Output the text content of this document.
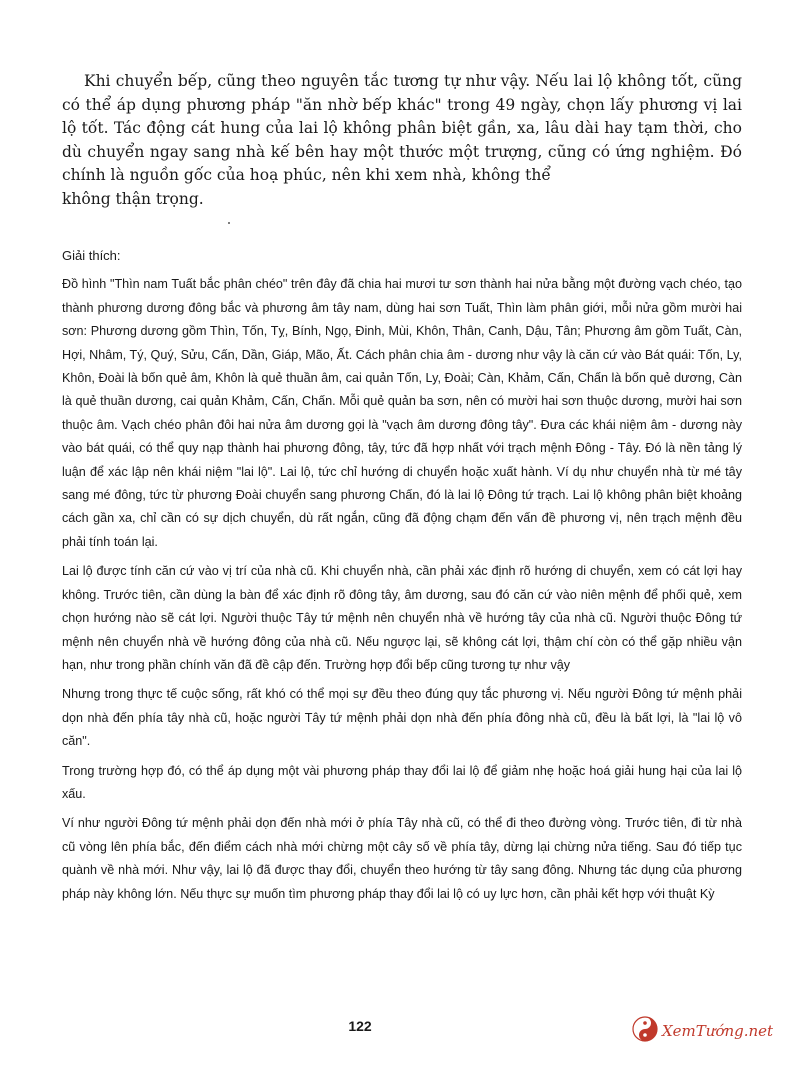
Khi chuyển bếp, cũng theo nguyên tắc tương tự như vậy. Nếu lai lộ không tốt, cũng có thể áp dụng phương pháp "ăn nhờ bếp khác" trong 49 ngày, chọn lấy phương vị lai lộ tốt. Tác động cát hung của lai lộ không phân biệt gần, xa, lâu dài hay tạm thời, cho dù chuyển ngay sang nhà kế bên hay một thước một trượng, cũng có ứng nghiệm. Đó chính là nguồn gốc của hoạ phúc, nên khi xem nhà, không thể

không thận trọng.

Giải thích:

Đồ hình "Thìn nam Tuất bắc phân chéo" trên đây đã chia hai mươi tư sơn thành hai nửa bằng một đường vạch chéo, tạo thành phương dương đông bắc và phương âm tây nam, dùng hai sơn Tuất, Thìn làm phân giới, mỗi nửa gồm mười hai sơn: Phương dương gồm Thìn, Tốn, Tỵ, Bính, Ngọ, Đinh, Mùi, Khôn, Thân, Canh, Dậu, Tân; Phương âm gồm Tuất, Càn, Hợi, Nhâm, Tý, Quý, Sửu, Cấn, Dần, Giáp, Mão, Ất. Cách phân chia âm - dương như vậy là căn cứ vào Bát quái: Tốn, Ly, Khôn, Đoài là bốn quẻ âm, Khôn là quẻ thuần âm, cai quản Tốn, Ly, Đoài; Càn, Khảm, Cấn, Chấn là bốn quẻ dương, Càn là quẻ thuần dương, cai quản Khảm, Cấn, Chấn. Mỗi quẻ quản ba sơn, nên có mười hai sơn thuộc dương, mười hai sơn thuộc âm. Vạch chéo phân đôi hai nửa âm dương gọi là "vạch âm dương đông tây". Đưa các khái niệm âm - dương này vào bát quái, có thể quy nạp thành hai phương đông, tây, tức đã hợp nhất với trạch mệnh Đông - Tây. Đó là nền tảng lý luận để xác lập nên khái niệm "lai lộ". Lai lộ, tức chỉ hướng di chuyển hoặc xuất hành. Ví dụ như chuyển nhà từ mé tây sang mé đông, tức từ phương Đoài chuyển sang phương Chấn, đó là lai lộ Đông tứ trạch. Lai lộ không phân biệt khoảng cách gần xa, chỉ cần có sự dịch chuyển, dù rất ngắn, cũng đã động chạm đến vấn đề phương vị, nên trạch mệnh đều phải tính toán lại.

Lai lộ được tính căn cứ vào vị trí của nhà cũ. Khi chuyển nhà, cần phải xác định rõ hướng di chuyển, xem có cát lợi hay không. Trước tiên, cần dùng la bàn để xác định rõ đông tây, âm dương, sau đó căn cứ vào niên mệnh để phối quẻ, xem chọn hướng nào sẽ cát lợi. Người thuộc Tây tứ mệnh nên chuyển nhà về hướng tây của nhà cũ. Người thuộc Đông tứ mệnh nên chuyển nhà về hướng đông của nhà cũ. Nếu ngược lại, sẽ không cát lợi, thậm chí còn có thể gặp nhiều vận hạn, như trong phần chính văn đã đề cập đến. Trường hợp đổi bếp cũng tương tự như vậy

Nhưng trong thực tế cuộc sống, rất khó có thể mọi sự đều theo đúng quy tắc phương vị. Nếu người Đông tứ mệnh phải dọn nhà đến phía tây nhà cũ, hoặc người Tây tứ mệnh phải dọn nhà đến phía đông nhà cũ, đều là bất lợi, là "lai lộ vô căn".

Trong trường hợp đó, có thể áp dụng một vài phương pháp thay đổi lai lộ để giảm nhẹ hoặc hoá giải hung hại của lai lộ xấu.

Ví như người Đông tứ mệnh phải dọn đến nhà mới ở phía Tây nhà cũ, có thể đi theo đường vòng. Trước tiên, đi từ nhà cũ vòng lên phía bắc, đến điểm cách nhà mới chừng một cây số về phía tây, dừng lại chừng nửa tiếng. Sau đó tiếp tục quành về nhà mới. Như vậy, lai lộ đã được thay đổi, chuyển theo hướng từ tây sang đông. Nhưng tác dụng của phương pháp này không lớn. Nếu thực sự muốn tìm phương pháp thay đổi lai lộ có uy lực hơn, cần phải kết hợp với thuật Kỳ

122	XemTướng.net
